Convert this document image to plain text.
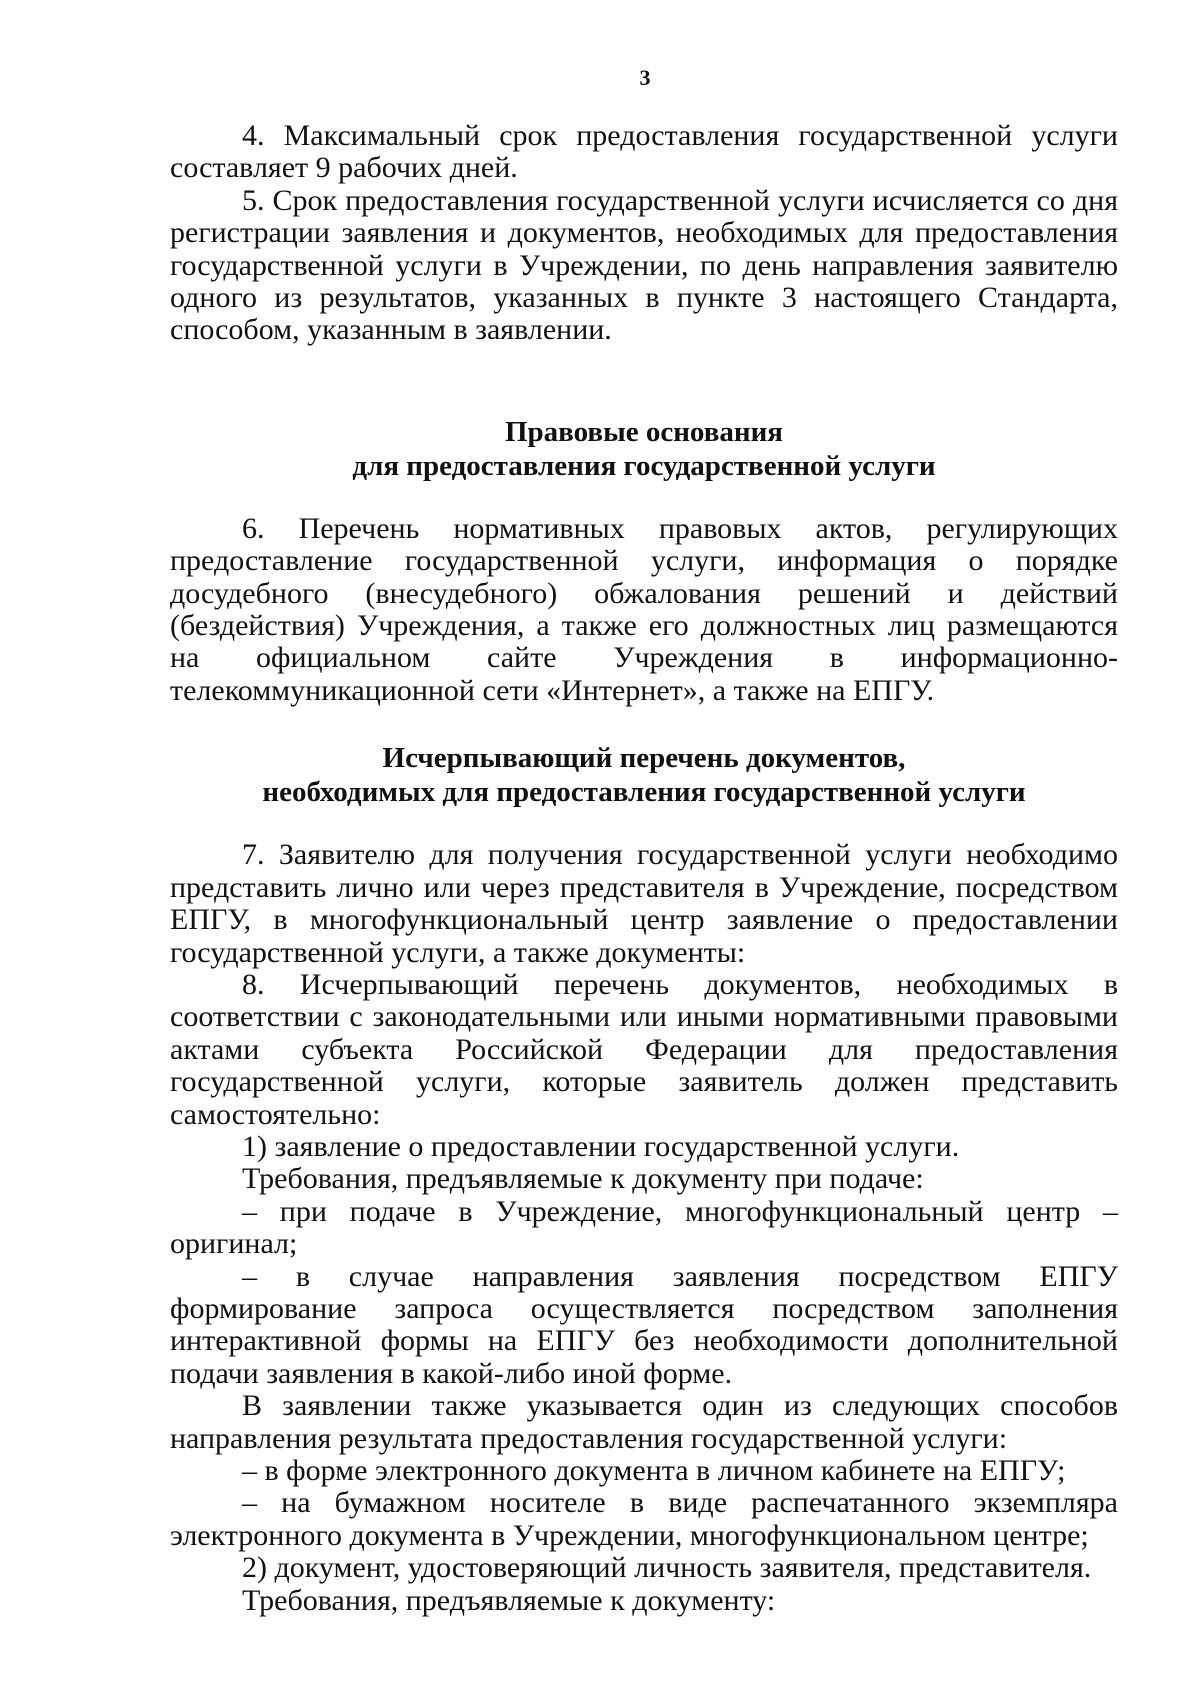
3

4. Максимальный срок предоставления государственной услуги составляет 9 рабочих дней.

5. Срок предоставления государственной услуги исчисляется со дня регистрации заявления и документов, необходимых для предоставления государственной услуги в Учреждении, по день направления заявителю одного из результатов, указанных в пункте 3 настоящего Стандарта, способом, указанным в заявлении.

Правовые основания
для предоставления государственной услуги

6. Перечень нормативных правовых актов, регулирующих предоставление государственной услуги, информация о порядке досудебного (внесудебного) обжалования решений и действий (бездействия) Учреждения, а также его должностных лиц размещаются на официальном сайте Учреждения в информационно-телекоммуникационной сети «Интернет», а также на ЕПГУ.

Исчерпывающий перечень документов,
необходимых для предоставления государственной услуги

7. Заявителю для получения государственной услуги необходимо представить лично или через представителя в Учреждение, посредством ЕПГУ, в многофункциональный центр заявление о предоставлении государственной услуги, а также документы:

8. Исчерпывающий перечень документов, необходимых в соответствии с законодательными или иными нормативными правовыми актами субъекта Российской Федерации для предоставления государственной услуги, которые заявитель должен представить самостоятельно:

1) заявление о предоставлении государственной услуги.

Требования, предъявляемые к документу при подаче:

– при подаче в Учреждение, многофункциональный центр – оригинал;

– в случае направления заявления посредством ЕПГУ формирование запроса осуществляется посредством заполнения интерактивной формы на ЕПГУ без необходимости дополнительной подачи заявления в какой-либо иной форме.

В заявлении также указывается один из следующих способов направления результата предоставления государственной услуги:

– в форме электронного документа в личном кабинете на ЕПГУ;

– на бумажном носителе в виде распечатанного экземпляра электронного документа в Учреждении, многофункциональном центре;

2) документ, удостоверяющий личность заявителя, представителя.

Требования, предъявляемые к документу:
